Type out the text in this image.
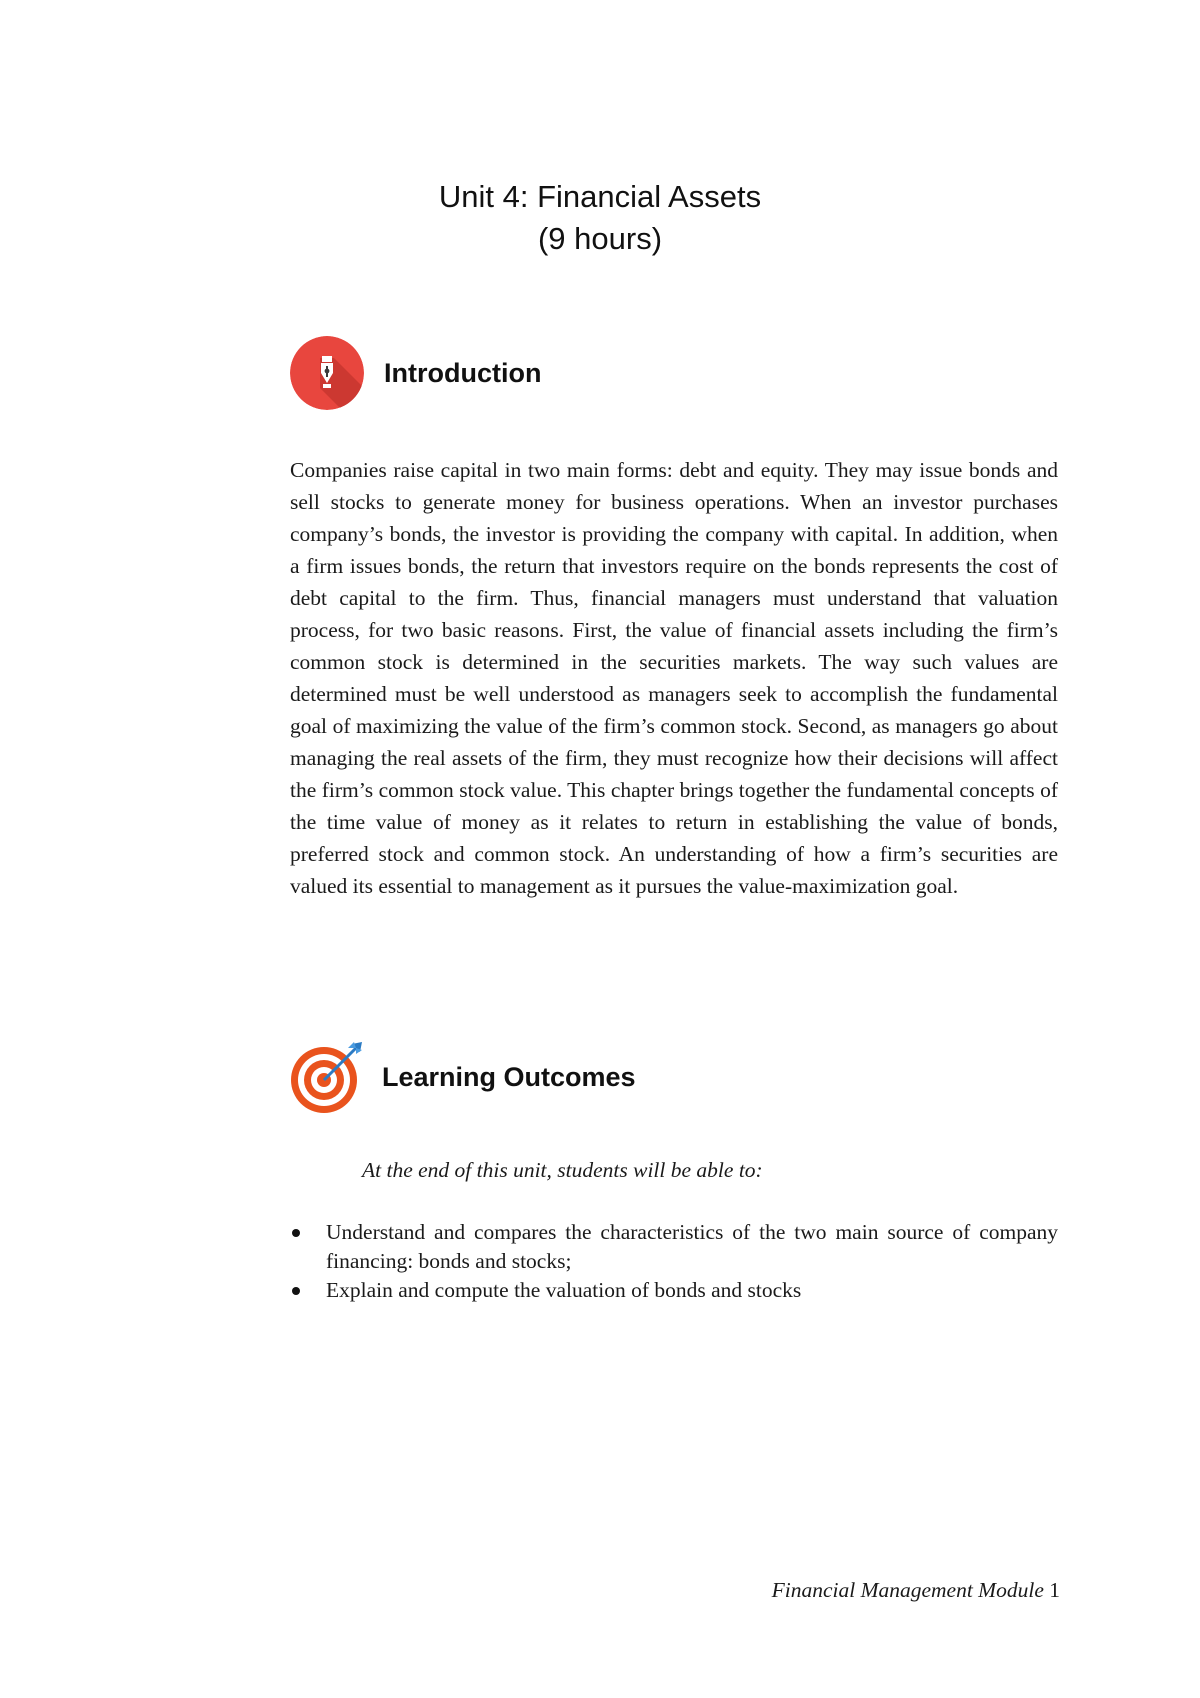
Unit 4: Financial Assets
(9 hours)
Introduction
Companies raise capital in two main forms: debt and equity. They may issue bonds and sell stocks to generate money for business operations. When an investor purchases company’s bonds, the investor is providing the company with capital. In addition, when a firm issues bonds, the return that investors require on the bonds represents the cost of debt capital to the firm. Thus, financial managers must understand that valuation process, for two basic reasons. First, the value of financial assets including the firm’s common stock is determined in the securities markets. The way such values are determined must be well understood as managers seek to accomplish the fundamental goal of maximizing the value of the firm’s common stock. Second, as managers go about managing the real assets of the firm, they must recognize how their decisions will affect the firm’s common stock value. This chapter brings together the fundamental concepts of the time value of money as it relates to return in establishing the value of bonds, preferred stock and common stock. An understanding of how a firm’s securities are valued its essential to management as it pursues the value-maximization goal.
Learning Outcomes
At the end of this unit, students will be able to:
Understand and compares the characteristics of the two main source of company financing: bonds and stocks;
Explain and compute the valuation of bonds and stocks
Financial Management Module 1
